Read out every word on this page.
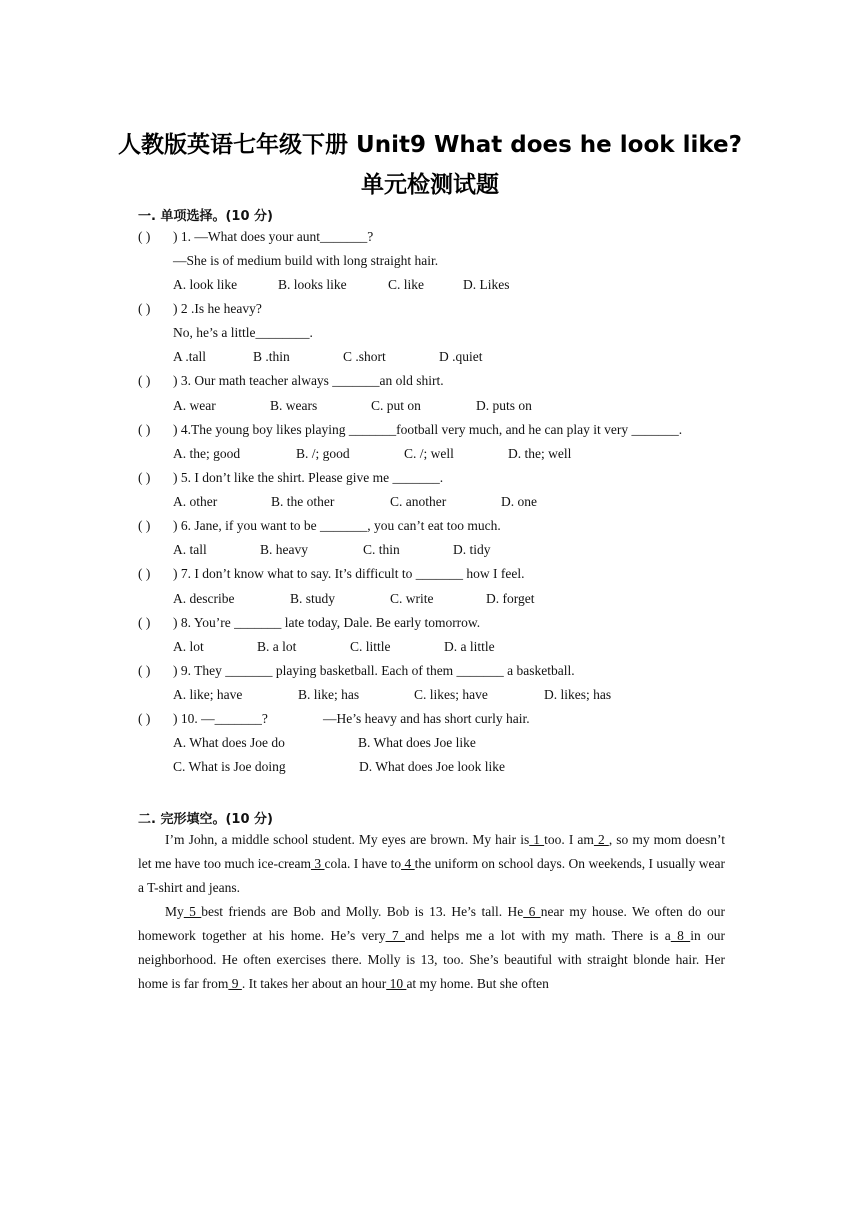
人教版英语七年级下册 Unit9 What does he look like?
单元检测试题
一. 单项选择。(10 分)
( ) ) 1. —What does your aunt_______?
—She is of medium build with long straight hair.
A. look like	B. looks like	C. like	D. Likes
( ) ) 2 .Is he heavy?
No, he’s a little________.
A .tall	B .thin	C .short	D .quiet
( ) ) 3. Our math teacher always _______an old shirt.
A. wear	B. wears	C. put on	D. puts on
( ) ) 4.The young boy likes playing _______football very much, and he can play it very _______.
A. the; good	B. /; good	C. /; well	D. the; well
( ) ) 5. I don’t like the shirt. Please give me _______.
A. other	B. the other	C. another	D. one
( ) ) 6. Jane, if you want to be _______, you can’t eat too much.
A. tall	B. heavy	C. thin	D. tidy
( ) ) 7. I don’t know what to say. It’s difficult to _______ how I feel.
A. describe	B. study	C. write	D. forget
( ) ) 8. You’re _______ late today, Dale. Be early tomorrow.
A. lot	B. a lot	C. little	D. a little
( ) ) 9. They _______ playing basketball. Each of them _______ a basketball.
A. like; have	B. like; has	C. likes; have	D. likes; has
( ) ) 10. —_______?	—He’s heavy and has short curly hair.
A. What does Joe do	B. What does Joe like
C. What is Joe doing	D. What does Joe look like
二. 完形填空。(10 分)

I’m John, a middle school student. My eyes are brown. My hair is 1 too. I am 2 , so my mom doesn’t let me have too much ice-cream 3 cola. I have to 4 the uniform on school days. On weekends, I usually wear a T-shirt and jeans.

My 5 best friends are Bob and Molly. Bob is 13. He’s tall. He 6 near my house. We often do our homework together at his home. He’s very 7 and helps me a lot with my math. There is a 8 in our neighborhood. He often exercises there. Molly is 13, too. She’s beautiful with straight blonde hair. Her home is far from 9 . It takes her about an hour 10 at my home. But she often
